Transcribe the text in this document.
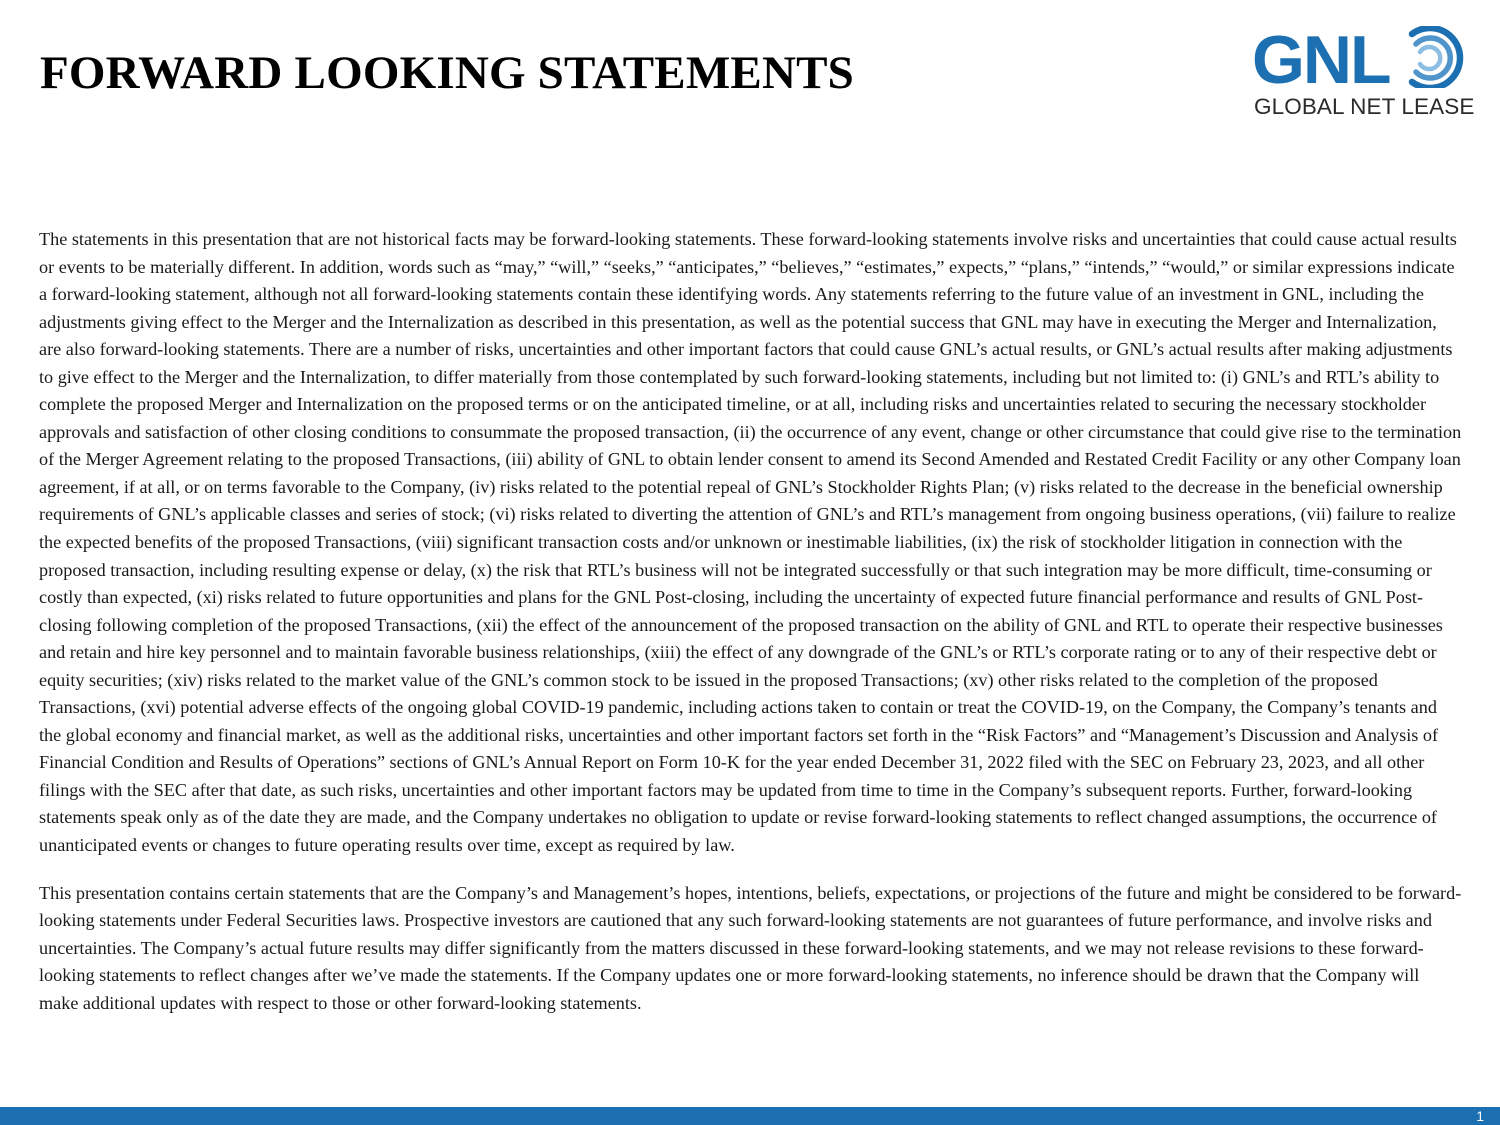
FORWARD LOOKING STATEMENTS	GNL
GLOBAL NET LEASE

The statements in this presentation that are not historical facts may be forward-looking statements. These forward-looking statements involve risks and uncertainties that could cause actual results or events to be materially different. In addition, words such as “may,” “will,” “seeks,” “anticipates,” “believes,” “estimates,” expects,” “plans,” “intends,” “would,” or similar expressions indicate a forward-looking statement, although not all forward-looking statements contain these identifying words. Any statements referring to the future value of an investment in GNL, including the adjustments giving effect to the Merger and the Internalization as described in this presentation, as well as the potential success that GNL may have in executing the Merger and Internalization, are also forward-looking statements. There are a number of risks, uncertainties and other important factors that could cause GNL’s actual results, or GNL’s actual results after making adjustments to give effect to the Merger and the Internalization, to differ materially from those contemplated by such forward-looking statements, including but not limited to: (i) GNL’s and RTL’s ability to complete the proposed Merger and Internalization on the proposed terms or on the anticipated timeline, or at all, including risks and uncertainties related to securing the necessary stockholder approvals and satisfaction of other closing conditions to consummate the proposed transaction, (ii) the occurrence of any event, change or other circumstance that could give rise to the termination of the Merger Agreement relating to the proposed Transactions, (iii) ability of GNL to obtain lender consent to amend its Second Amended and Restated Credit Facility or any other Company loan agreement, if at all, or on terms favorable to the Company, (iv) risks related to the potential repeal of GNL’s Stockholder Rights Plan; (v) risks related to the decrease in the beneficial ownership requirements of GNL’s applicable classes and series of stock; (vi) risks related to diverting the attention of GNL’s and RTL’s management from ongoing business operations, (vii) failure to realize the expected benefits of the proposed Transactions, (viii) significant transaction costs and/or unknown or inestimable liabilities, (ix) the risk of stockholder litigation in connection with the proposed transaction, including resulting expense or delay, (x) the risk that RTL’s business will not be integrated successfully or that such integration may be more difficult, time-consuming or costly than expected, (xi) risks related to future opportunities and plans for the GNL Post-closing, including the uncertainty of expected future financial performance and results of GNL Post-closing following completion of the proposed Transactions, (xii) the effect of the announcement of the proposed transaction on the ability of GNL and RTL to operate their respective businesses and retain and hire key personnel and to maintain favorable business relationships, (xiii) the effect of any downgrade of the GNL’s or RTL’s corporate rating or to any of their respective debt or equity securities; (xiv) risks related to the market value of the GNL’s common stock to be issued in the proposed Transactions; (xv) other risks related to the completion of the proposed Transactions, (xvi) potential adverse effects of the ongoing global COVID-19 pandemic, including actions taken to contain or treat the COVID-19, on the Company, the Company’s tenants and the global economy and financial market, as well as the additional risks, uncertainties and other important factors set forth in the “Risk Factors” and “Management’s Discussion and Analysis of Financial Condition and Results of Operations” sections of GNL’s Annual Report on Form 10-K for the year ended December 31, 2022 filed with the SEC on February 23, 2023, and all other filings with the SEC after that date, as such risks, uncertainties and other important factors may be updated from time to time in the Company’s subsequent reports. Further, forward-looking statements speak only as of the date they are made, and the Company undertakes no obligation to update or revise forward-looking statements to reflect changed assumptions, the occurrence of unanticipated events or changes to future operating results over time, except as required by law.

This presentation contains certain statements that are the Company’s and Management’s hopes, intentions, beliefs, expectations, or projections of the future and might be considered to be forward-looking statements under Federal Securities laws. Prospective investors are cautioned that any such forward-looking statements are not guarantees of future performance, and involve risks and uncertainties. The Company’s actual future results may differ significantly from the matters discussed in these forward-looking statements, and we may not release revisions to these forward-looking statements to reflect changes after we’ve made the statements. If the Company updates one or more forward-looking statements, no inference should be drawn that the Company will make additional updates with respect to those or other forward-looking statements.

1
